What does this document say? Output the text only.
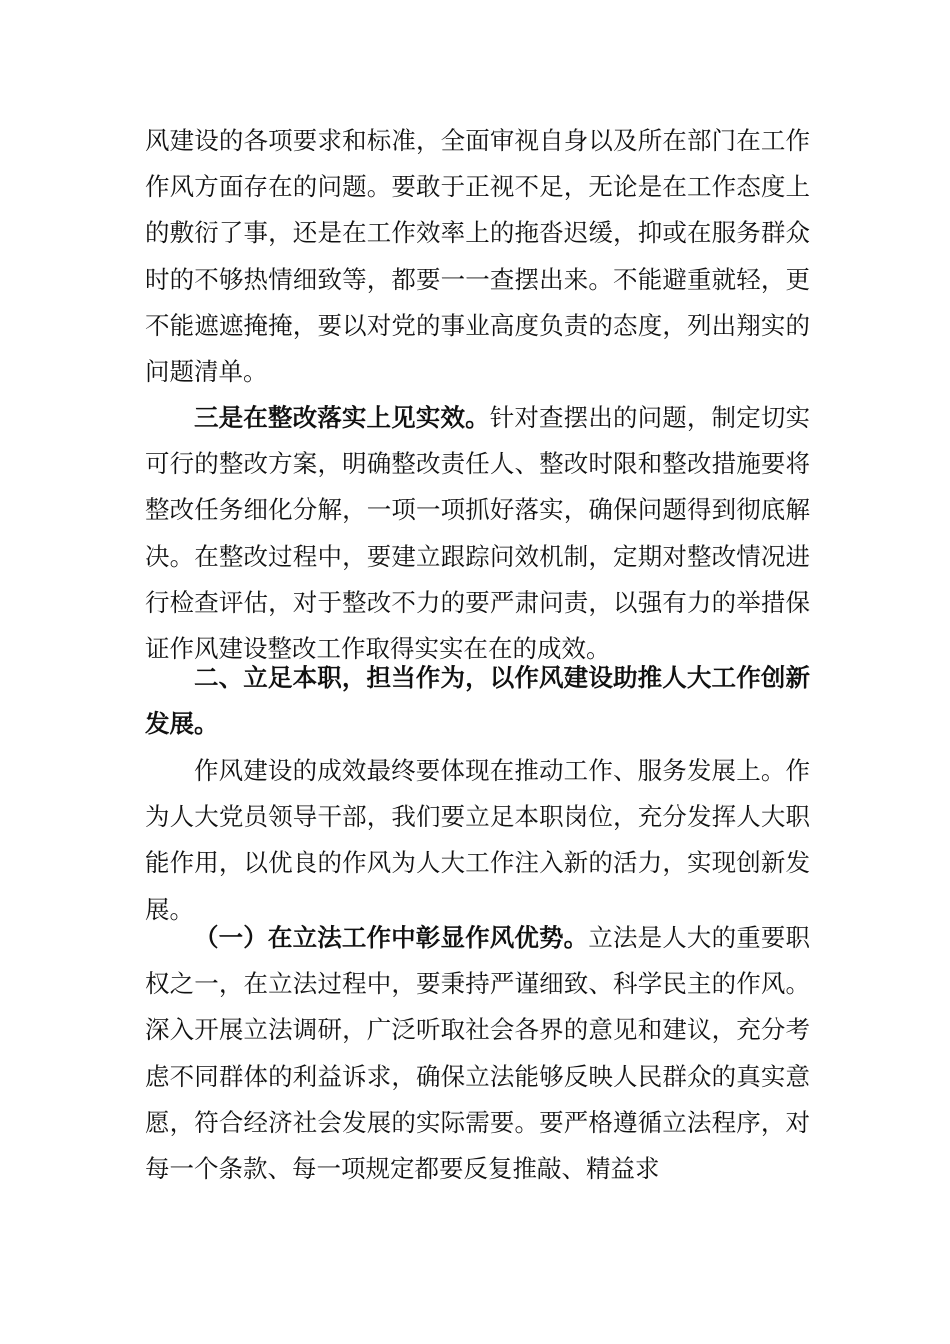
风建设的各项要求和标准，全面审视自身以及所在部门在工作作风方面存在的问题。要敢于正视不足，无论是在工作态度上的敷衍了事，还是在工作效率上的拖沓迟缓，抑或在服务群众时的不够热情细致等，都要一一查摆出来。不能避重就轻，更不能遮遮掩掩，要以对党的事业高度负责的态度，列出翔实的问题清单。

三是在整改落实上见实效。针对查摆出的问题，制定切实可行的整改方案，明确整改责任人、整改时限和整改措施要将整改任务细化分解，一项一项抓好落实，确保问题得到彻底解决。在整改过程中，要建立跟踪问效机制，定期对整改情况进行检查评估，对于整改不力的要严肃问责，以强有力的举措保证作风建设整改工作取得实实在在的成效。

二、立足本职，担当作为，以作风建设助推人大工作创新发展。

作风建设的成效最终要体现在推动工作、服务发展上。作为人大党员领导干部，我们要立足本职岗位，充分发挥人大职能作用，以优良的作风为人大工作注入新的活力，实现创新发展。

（一）在立法工作中彰显作风优势。立法是人大的重要职权之一，在立法过程中，要秉持严谨细致、科学民主的作风。深入开展立法调研，广泛听取社会各界的意见和建议，充分考虑不同群体的利益诉求，确保立法能够反映人民群众的真实意愿，符合经济社会发展的实际需要。要严格遵循立法程序，对每一个条款、每一项规定都要反复推敲、精益求
